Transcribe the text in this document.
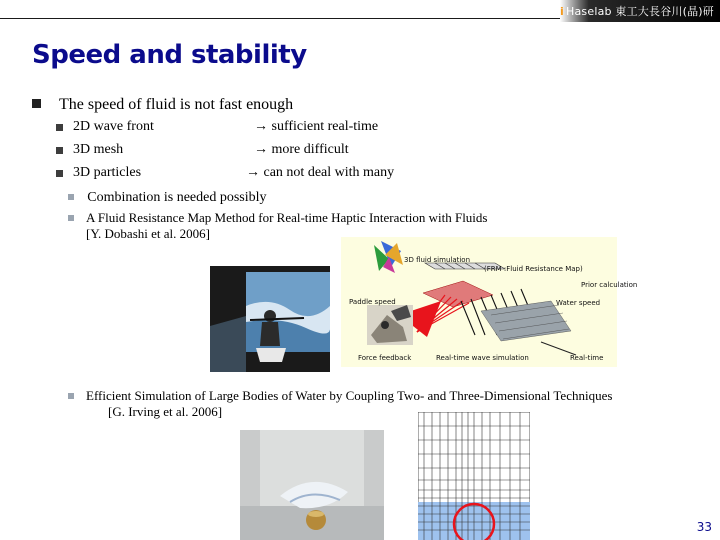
i Haselab 東工大長谷川(晶)研
Speed and stability
The speed of fluid is not fast enough
2D wave front	→ sufficient real-time
3D mesh	→ more difficult
3D particles	→ can not deal with many
Combination is needed possibly
A Fluid Resistance Map Method for Real-time Haptic Interaction with Fluids
[Y. Dobashi et al. 2006]
Efficient Simulation of Large Bodies of Water by Coupling Two- and Three-Dimensional Techniques
[G. Irving et al. 2006]
3D fluid simulation
(FRM :Fluid Resistance Map)
Prior calculation
Paddle speed	Water speed
Force feedback	Real-time wave simulation	Real-time
33
